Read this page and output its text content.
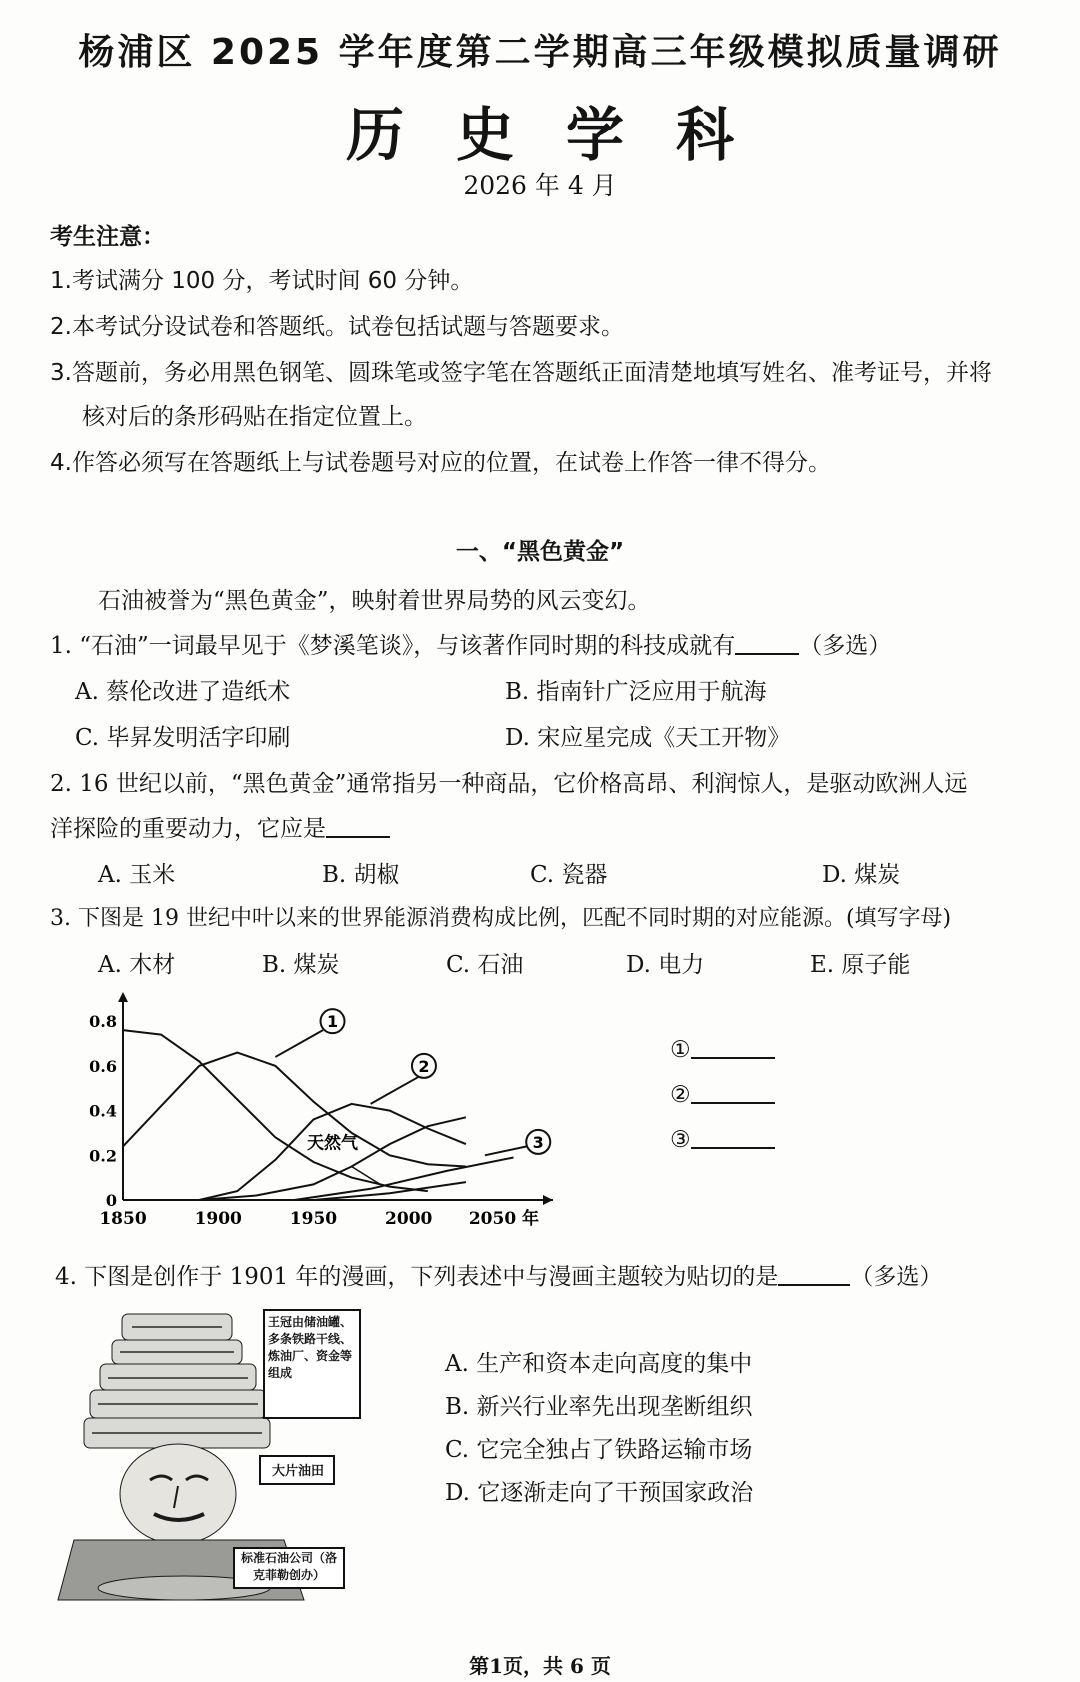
杨浦区 2025 学年度第二学期高三年级模拟质量调研
历史学科
2026 年 4 月
考生注意：
1.考试满分 100 分，考试时间 60 分钟。
2.本考试分设试卷和答题纸。试卷包括试题与答题要求。
3.答题前，务必用黑色钢笔、圆珠笔或签字笔在答题纸正面清楚地填写姓名、准考证号，并将
核对后的条形码贴在指定位置上。
4.作答必须写在答题纸上与试卷题号对应的位置，在试卷上作答一律不得分。
一、“黑色黄金”
石油被誉为“黑色黄金”，映射着世界局势的风云变幻。
1. “石油”一词最早见于《梦溪笔谈》，与该著作同时期的科技成就有	（多选）
A. 蔡伦改进了造纸术	B. 指南针广泛应用于航海
C. 毕昇发明活字印刷	D. 宋应星完成《天工开物》
2. 16 世纪以前，“黑色黄金”通常指另一种商品，它价格高昂、利润惊人，是驱动欧洲人远
洋探险的重要动力，它应是
A. 玉米	B. 胡椒	C. 瓷器	D. 煤炭
3. 下图是 19 世纪中叶以来的世界能源消费构成比例，匹配不同时期的对应能源。(填写字母)
A. 木材	B. 煤炭	C. 石油	D. 电力	E. 原子能
1850	1900	1950	2000 2050 年
0
0.2
0.4
0.6
0.8	1
2
3
天然气
①
②
③
4. 下图是创作于 1901 年的漫画，下列表述中与漫画主题较为贴切的是	（多选）
王冠由储油罐、多条铁路干线、炼油厂、资金等组成
大片油田
标准石油公司（洛克菲勒创办）
A. 生产和资本走向高度的集中
B. 新兴行业率先出现垄断组织
C. 它完全独占了铁路运输市场
D. 它逐渐走向了干预国家政治
第1页，共 6 页
